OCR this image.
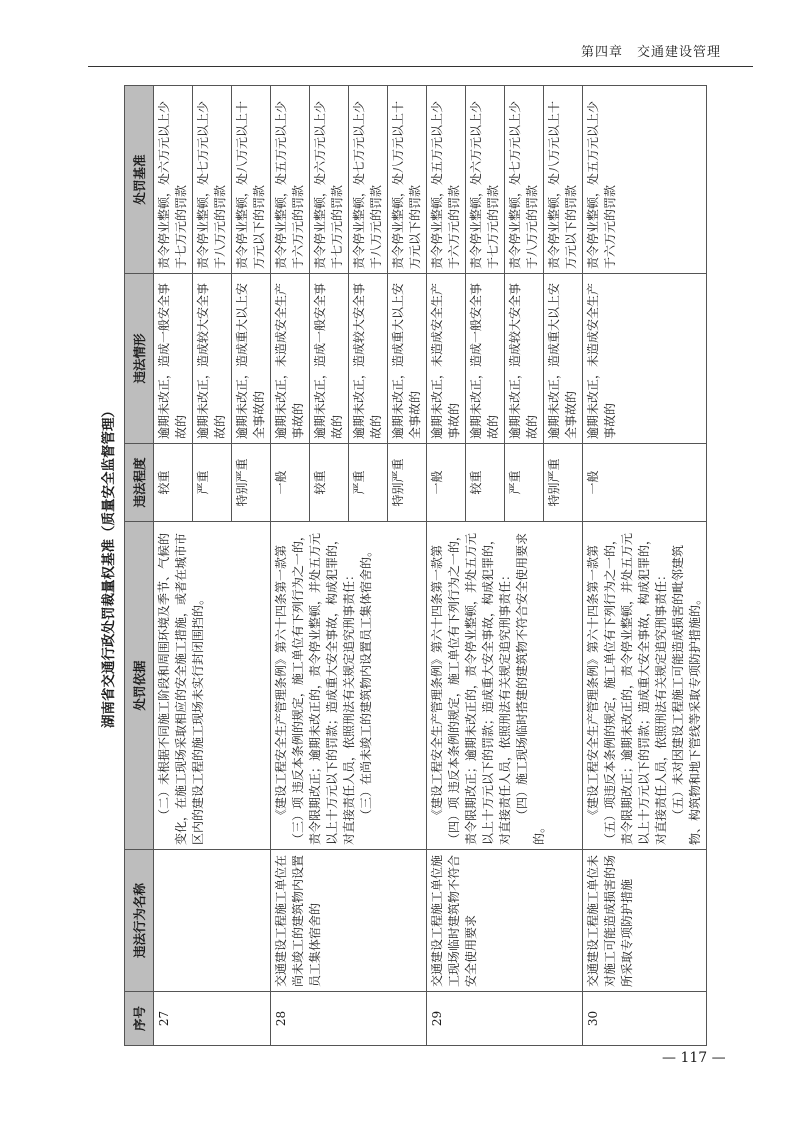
第四章　交通建设管理
湖南省交通行政处罚裁量权基准（质量安全监督管理）
序号	违法行为名称	处罚依据	违法程度	违法情形	处罚基准
27		（二）未根据不同施工阶段和周围环境及季节、气候的变化，在施工现场采取相应的安全施工措施，或者在城市市区内的建设工程的施工现场未实行封闭围挡的。	较重	逾期未改正，造成一般安全事故的	责令停业整顿，处六万元以上少于七万元的罚款
			严重	逾期未改正，造成较大安全事故的	责令停业整顿，处七万元以上少于八万元的罚款
			特别严重	逾期未改正，造成重大以上安全事故的	责令停业整顿，处八万元以上十万元以下的罚款
28	交通建设工程施工单位在尚未竣工的建筑物内设置员工集体宿舍的	《建设工程安全生产管理条例》第六十四条第一款第（三）项 违反本条例的规定，施工单位有下列行为之一的，责令限期改正；逾期未改正的，责令停业整顿，并处五万元以上十万元以下的罚款；造成重大安全事故，构成犯罪的，对直接责任人员，依照刑法有关规定追究刑事责任： （三）在尚未竣工的建筑物内设置员工集体宿舍的。	一般	逾期未改正，未造成安全生产事故的	责令停业整顿，处五万元以上少于六万元的罚款
			较重	逾期未改正，造成一般安全事故的	责令停业整顿，处六万元以上少于七万元的罚款
			严重	逾期未改正，造成较大安全事故的	责令停业整顿，处七万元以上少于八万元的罚款
			特别严重	逾期未改正，造成重大以上安全事故的	责令停业整顿，处八万元以上十万元以下的罚款
29	交通建设工程施工单位施工现场临时建筑物不符合安全使用要求	《建设工程安全生产管理条例》第六十四条第一款第（四）项 违反本条例的规定，施工单位有下列行为之一的，责令限期改正；逾期未改正的，责令停业整顿，并处五万元以上十万元以下的罚款；造成重大安全事故，构成犯罪的，对直接责任人员，依照刑法有关规定追究刑事责任： （四）施工现场临时搭建的建筑物不符合安全使用要求的。	一般	逾期未改正，未造成安全生产事故的	责令停业整顿，处五万元以上少于六万元的罚款
			较重	逾期未改正，造成一般安全事故的	责令停业整顿，处六万元以上少于七万元的罚款
			严重	逾期未改正，造成较大安全事故的	责令停业整顿，处七万元以上少于八万元的罚款
			特别严重	逾期未改正，造成重大以上安全事故的	责令停业整顿，处八万元以上十万元以下的罚款
30	交通建设工程施工单位未对施工可能造成损害的场所采取专项防护措施	《建设工程安全生产管理条例》第六十四条第一款第（五）项违反本条例的规定，施工单位有下列行为之一的，责令限期改正；逾期未改正的，责令停业整顿，并处五万元以上十万元以下的罚款；造成重大安全事故，构成犯罪的，对直接责任人员，依照刑法有关规定追究刑事责任： （五）未对因建设工程施工可能造成损害的毗邻建筑物、构筑物和地下管线等采取专项防护措施的。	一般	逾期未改正，未造成安全生产事故的	责令停业整顿，处五万元以上少于六万元的罚款
— 117 —
